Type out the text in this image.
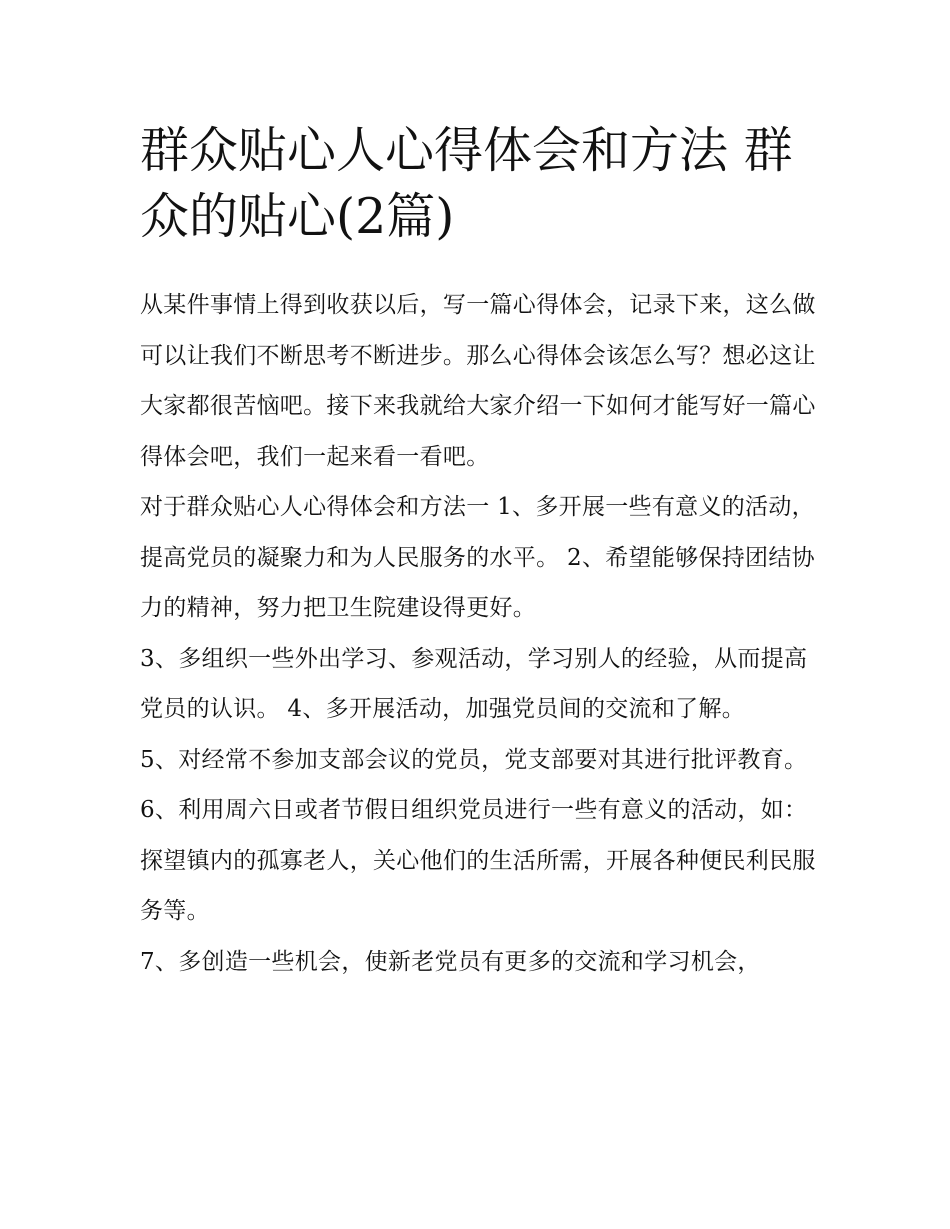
群众贴心人心得体会和方法 群众的贴心(2篇)

从某件事情上得到收获以后，写一篇心得体会，记录下来，这么做可以让我们不断思考不断进步。那么心得体会该怎么写？想必这让大家都很苦恼吧。接下来我就给大家介绍一下如何才能写好一篇心得体会吧，我们一起来看一看吧。

对于群众贴心人心得体会和方法一 1、多开展一些有意义的活动，提高党员的凝聚力和为人民服务的水平。 2、希望能够保持团结协力的精神，努力把卫生院建设得更好。

3、多组织一些外出学习、参观活动，学习别人的经验，从而提高党员的认识。 4、多开展活动，加强党员间的交流和了解。

5、对经常不参加支部会议的党员，党支部要对其进行批评教育。

6、利用周六日或者节假日组织党员进行一些有意义的活动，如：探望镇内的孤寡老人，关心他们的生活所需，开展各种便民利民服务等。

7、多创造一些机会，使新老党员有更多的交流和学习机会，
